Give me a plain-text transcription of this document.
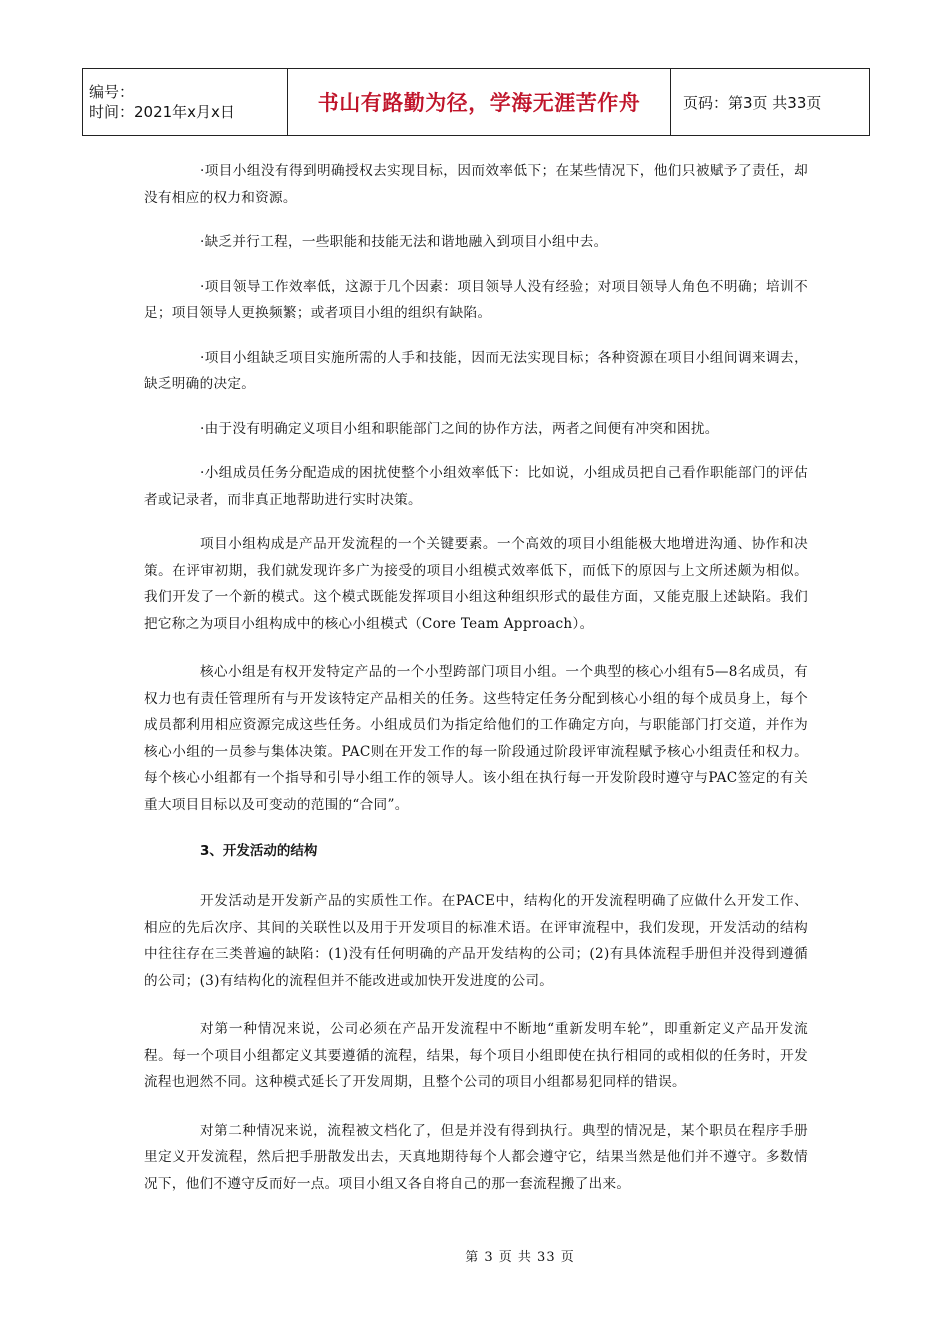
编号：
时间：2021年x月x日	书山有路勤为径，学海无涯苦作舟	页码：第3页 共33页

·项目小组没有得到明确授权去实现目标，因而效率低下；在某些情况下，他们只被赋予了责任，却没有相应的权力和资源。

·缺乏并行工程，一些职能和技能无法和谐地融入到项目小组中去。

·项目领导工作效率低，这源于几个因素：项目领导人没有经验；对项目领导人角色不明确；培训不足；项目领导人更换频繁；或者项目小组的组织有缺陷。

·项目小组缺乏项目实施所需的人手和技能，因而无法实现目标；各种资源在项目小组间调来调去，缺乏明确的决定。

·由于没有明确定义项目小组和职能部门之间的协作方法，两者之间便有冲突和困扰。

·小组成员任务分配造成的困扰使整个小组效率低下：比如说，小组成员把自己看作职能部门的评估者或记录者，而非真正地帮助进行实时决策。

项目小组构成是产品开发流程的一个关键要素。一个高效的项目小组能极大地增进沟通、协作和决策。在评审初期，我们就发现许多广为接受的项目小组模式效率低下，而低下的原因与上文所述颇为相似。我们开发了一个新的模式。这个模式既能发挥项目小组这种组织形式的最佳方面，又能克服上述缺陷。我们把它称之为项目小组构成中的核心小组模式（Core Team Approach）。

核心小组是有权开发特定产品的一个小型跨部门项目小组。一个典型的核心小组有5—8名成员，有权力也有责任管理所有与开发该特定产品相关的任务。这些特定任务分配到核心小组的每个成员身上，每个成员都利用相应资源完成这些任务。小组成员们为指定给他们的工作确定方向，与职能部门打交道，并作为核心小组的一员参与集体决策。PAC则在开发工作的每一阶段通过阶段评审流程赋予核心小组责任和权力。每个核心小组都有一个指导和引导小组工作的领导人。该小组在执行每一开发阶段时遵守与PAC签定的有关重大项目目标以及可变动的范围的“合同”。

3、开发活动的结构

开发活动是开发新产品的实质性工作。在PACE中，结构化的开发流程明确了应做什么开发工作、相应的先后次序、其间的关联性以及用于开发项目的标准术语。在评审流程中，我们发现，开发活动的结构中往往存在三类普遍的缺陷：(1)没有任何明确的产品开发结构的公司；(2)有具体流程手册但并没得到遵循的公司；(3)有结构化的流程但并不能改进或加快开发进度的公司。

对第一种情况来说，公司必须在产品开发流程中不断地“重新发明车轮”，即重新定义产品开发流程。每一个项目小组都定义其要遵循的流程，结果，每个项目小组即使在执行相同的或相似的任务时，开发流程也迥然不同。这种模式延长了开发周期，且整个公司的项目小组都易犯同样的错误。

对第二种情况来说，流程被文档化了，但是并没有得到执行。典型的情况是，某个职员在程序手册里定义开发流程，然后把手册散发出去，天真地期待每个人都会遵守它，结果当然是他们并不遵守。多数情况下，他们不遵守反而好一点。项目小组又各自将自己的那一套流程搬了出来。

第 3 页 共 33 页
